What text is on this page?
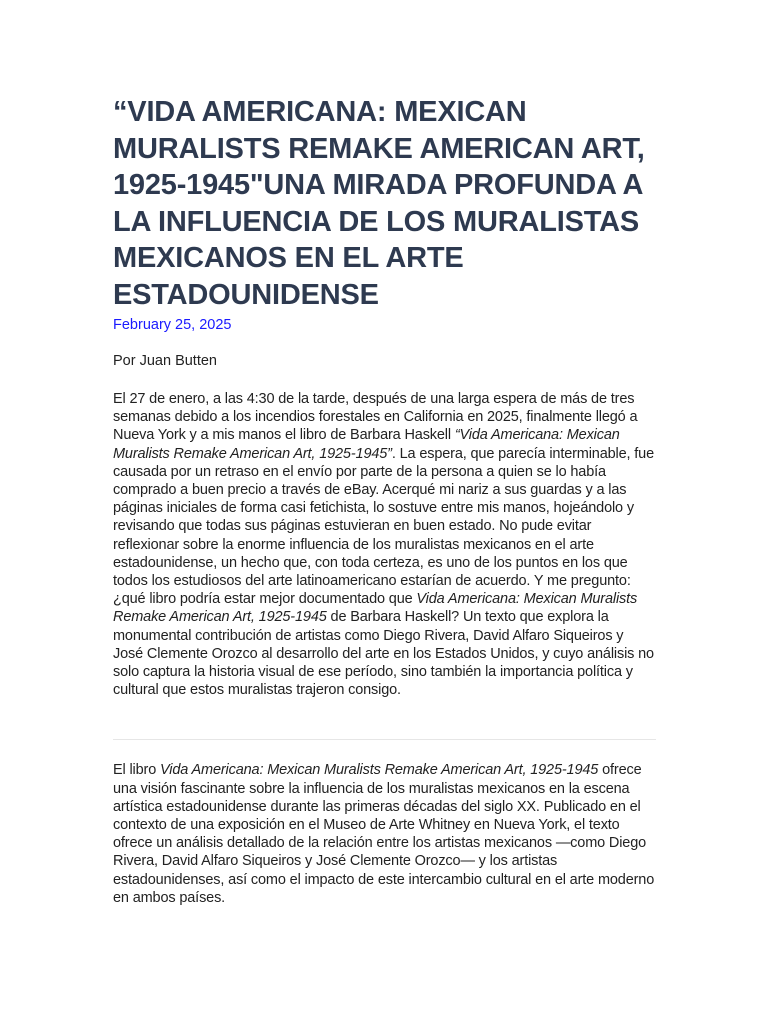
“VIDA AMERICANA: MEXICAN MURALISTS REMAKE AMERICAN ART, 1925-1945"UNA MIRADA PROFUNDA A LA INFLUENCIA DE LOS MURALISTAS MEXICANOS EN EL ARTE ESTADOUNIDENSE
February 25, 2025
Por Juan Butten

El 27 de enero, a las 4:30 de la tarde, después de una larga espera de más de tres semanas debido a los incendios forestales en California en 2025, finalmente llegó a Nueva York y a mis manos el libro de Barbara Haskell “Vida Americana: Mexican Muralists Remake American Art, 1925-1945”. La espera, que parecía interminable, fue causada por un retraso en el envío por parte de la persona a quien se lo había comprado a buen precio a través de eBay. Acerqué mi nariz a sus guardas y a las páginas iniciales de forma casi fetichista, lo sostuve entre mis manos, hojeándolo y revisando que todas sus páginas estuvieran en buen estado. No pude evitar reflexionar sobre la enorme influencia de los muralistas mexicanos en el arte estadounidense, un hecho que, con toda certeza, es uno de los puntos en los que todos los estudiosos del arte latinoamericano estarían de acuerdo. Y me pregunto: ¿qué libro podría estar mejor documentado que Vida Americana: Mexican Muralists Remake American Art, 1925-1945 de Barbara Haskell? Un texto que explora la monumental contribución de artistas como Diego Rivera, David Alfaro Siqueiros y José Clemente Orozco al desarrollo del arte en los Estados Unidos, y cuyo análisis no solo captura la historia visual de ese período, sino también la importancia política y cultural que estos muralistas trajeron consigo.

El libro Vida Americana: Mexican Muralists Remake American Art, 1925-1945 ofrece una visión fascinante sobre la influencia de los muralistas mexicanos en la escena artística estadounidense durante las primeras décadas del siglo XX. Publicado en el contexto de una exposición en el Museo de Arte Whitney en Nueva York, el texto ofrece un análisis detallado de la relación entre los artistas mexicanos —como Diego Rivera, David Alfaro Siqueiros y José Clemente Orozco— y los artistas estadounidenses, así como el impacto de este intercambio cultural en el arte moderno en ambos países.
